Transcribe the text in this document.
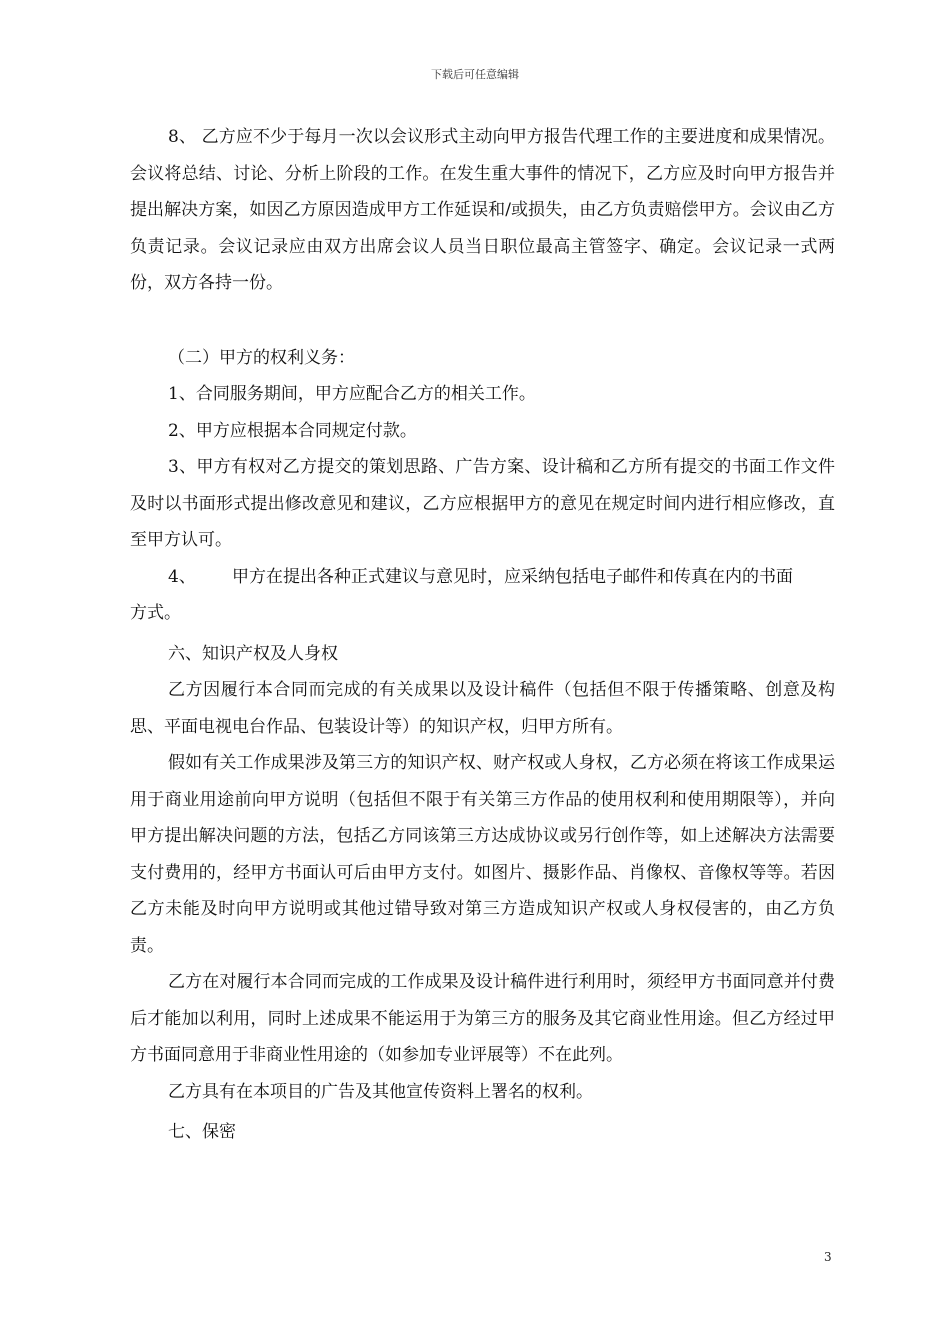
下载后可任意编辑

8、 乙方应不少于每月一次以会议形式主动向甲方报告代理工作的主要进度和成果情况。会议将总结、讨论、分析上阶段的工作。在发生重大事件的情况下，乙方应及时向甲方报告并提出解决方案，如因乙方原因造成甲方工作延误和/或损失，由乙方负责赔偿甲方。会议由乙方负责记录。会议记录应由双方出席会议人员当日职位最高主管签字、确定。会议记录一式两份，双方各持一份。

（二）甲方的权利义务：

1、合同服务期间，甲方应配合乙方的相关工作。

2、甲方应根据本合同规定付款。

3、甲方有权对乙方提交的策划思路、广告方案、设计稿和乙方所有提交的书面工作文件及时以书面形式提出修改意见和建议，乙方应根据甲方的意见在规定时间内进行相应修改，直至甲方认可。

4、	甲方在提出各种正式建议与意见时，应采纳包括电子邮件和传真在内的书面

方式。

六、知识产权及人身权

乙方因履行本合同而完成的有关成果以及设计稿件（包括但不限于传播策略、创意及构思、平面电视电台作品、包装设计等）的知识产权，归甲方所有。

假如有关工作成果涉及第三方的知识产权、财产权或人身权，乙方必须在将该工作成果运用于商业用途前向甲方说明（包括但不限于有关第三方作品的使用权利和使用期限等），并向甲方提出解决问题的方法，包括乙方同该第三方达成协议或另行创作等，如上述解决方法需要支付费用的，经甲方书面认可后由甲方支付。如图片、摄影作品、肖像权、音像权等等。若因乙方未能及时向甲方说明或其他过错导致对第三方造成知识产权或人身权侵害的，由乙方负责。

乙方在对履行本合同而完成的工作成果及设计稿件进行利用时，须经甲方书面同意并付费后才能加以利用，同时上述成果不能运用于为第三方的服务及其它商业性用途。但乙方经过甲方书面同意用于非商业性用途的（如参加专业评展等）不在此列。

乙方具有在本项目的广告及其他宣传资料上署名的权利。

七、保密

3
